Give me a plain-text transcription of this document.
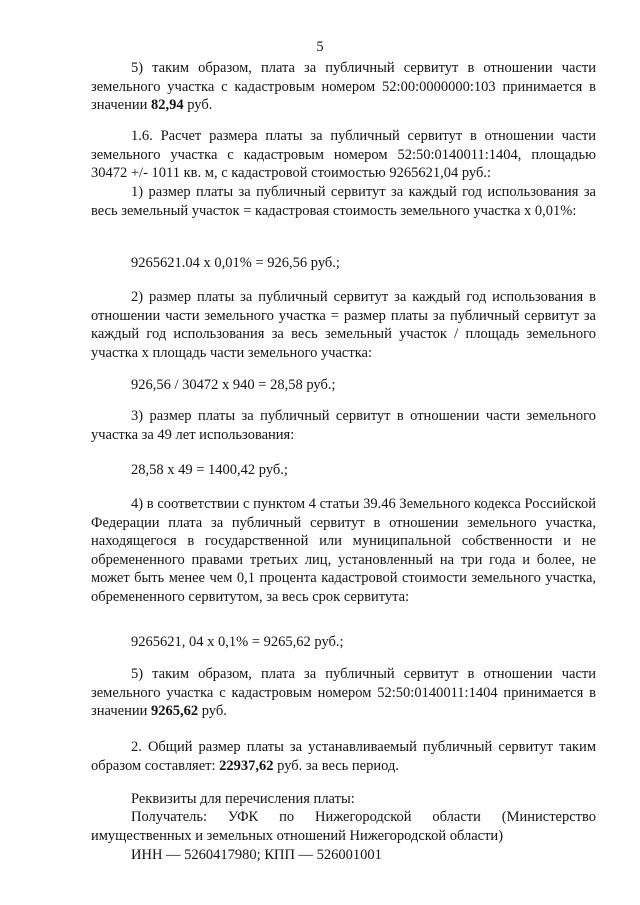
5

5) таким образом, плата за публичный сервитут в отношении части земельного участка с кадастровым номером 52:00:0000000:103 принимается в значении 82,94 руб.

1.6. Расчет размера платы за публичный сервитут в отношении части земельного участка с кадастровым номером 52:50:0140011:1404, площадью 30472 +/- 1011 кв. м, с кадастровой стоимостью 9265621,04 руб.:

1) размер платы за публичный сервитут за каждый год использования за весь земельный участок = кадастровая стоимость земельного участка х 0,01%:

9265621.04 х 0,01% = 926,56 руб.;

2) размер платы за публичный сервитут за каждый год использования в отношении части земельного участка = размер платы за публичный сервитут за каждый год использования за весь земельный участок / площадь земельного участка х площадь части земельного участка:

926,56 / 30472 х 940 = 28,58 руб.;

3) размер платы за публичный сервитут в отношении части земельного участка за 49 лет использования:

28,58 х 49 = 1400,42 руб.;

4) в соответствии с пунктом 4 статьи 39.46 Земельного кодекса Российской Федерации плата за публичный сервитут в отношении земельного участка, находящегося в государственной или муниципальной собственности и не обремененного правами третьих лиц, установленный на три года и более, не может быть менее чем 0,1 процента кадастровой стоимости земельного участка, обремененного сервитутом, за весь срок сервитута:

9265621, 04 х 0,1% = 9265,62 руб.;

5) таким образом, плата за публичный сервитут в отношении части земельного участка с кадастровым номером 52:50:0140011:1404 принимается в значении 9265,62 руб.

2. Общий размер платы за устанавливаемый публичный сервитут таким образом составляет: 22937,62 руб. за весь период.

Реквизиты для перечисления платы:

Получатель: УФК по Нижегородской области (Министерство имущественных и земельных отношений Нижегородской области)

ИНН — 5260417980; КПП — 526001001
